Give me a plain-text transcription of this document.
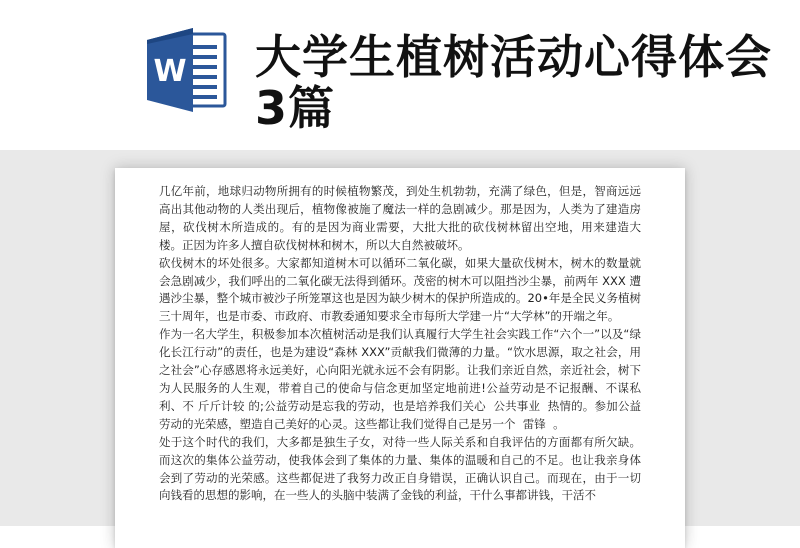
W 大学生植树活动心得体会3篇

几亿年前，地球归动物所拥有的时候植物繁茂，到处生机勃勃，充满了绿色，但是，智商远远高出其他动物的人类出现后，植物像被施了魔法一样的急剧减少。那是因为，人类为了建造房屋，砍伐树木所造成的。有的是因为商业需要，大批大批的砍伐树林留出空地，用来建造大楼。正因为许多人擅自砍伐树林和树木，所以大自然被破坏。
砍伐树木的坏处很多。大家都知道树木可以循环二氧化碳，如果大量砍伐树木，树木的数量就会急剧减少，我们呼出的二氧化碳无法得到循环。茂密的树木可以阻挡沙尘暴，前两年 XXX 遭遇沙尘暴，整个城市被沙子所笼罩这也是因为缺少树木的保护所造成的。20•年是全民义务植树三十周年，也是市委、市政府、市教委通知要求全市每所大学建一片“大学林”的开端之年。
作为一名大学生，积极参加本次植树活动是我们认真履行大学生社会实践工作“六个一”以及“绿化长江行动”的责任，也是为建设“森林 XXX”贡献我们微薄的力量。“饮水思源，取之社会，用之社会”心存感恩将永远美好，心向阳光就永远不会有阴影。让我们亲近自然，亲近社会，树下为人民服务的人生观，带着自己的使命与信念更加坚定地前进!公益劳动是不记报酬、不谋私利、不 斤斤计较 的;公益劳动是忘我的劳动，也是培养我们关心  公共事业  热情的。参加公益劳动的光荣感，塑造自己美好的心灵。这些都让我们觉得自己是另一个  雷锋  。
处于这个时代的我们，大多都是独生子女，对待一些人际关系和自我评估的方面都有所欠缺。而这次的集体公益劳动，使我体会到了集体的力量、集体的温暖和自己的不足。也让我亲身体会到了劳动的光荣感。这些都促进了我努力改正自身错误，正确认识自己。而现在，由于一切向钱看的思想的影响，在一些人的头脑中装满了金钱的利益，干什么事都讲钱，干活不
